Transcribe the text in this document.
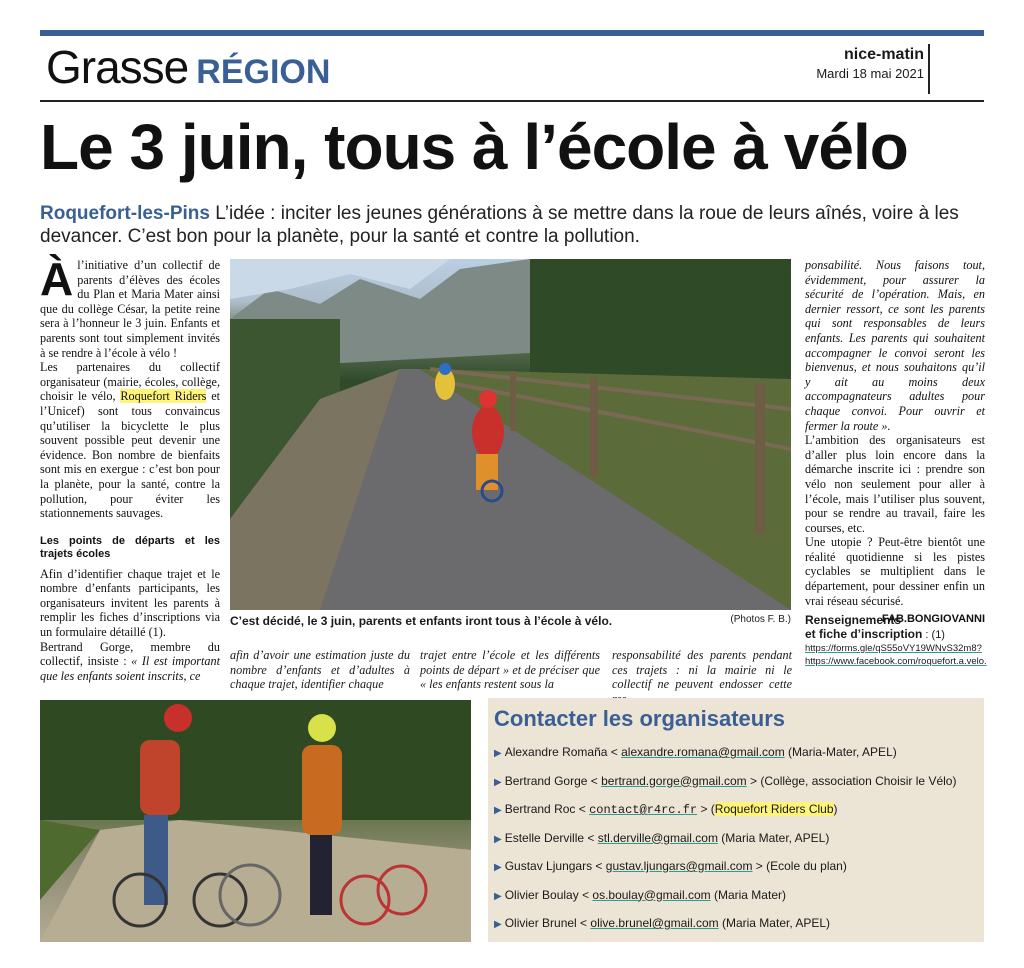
Grasse RÉGION	nice-matin
Mardi 18 mai 2021
Le 3 juin, tous à l’école à vélo
Roquefort-les-Pins L’idée : inciter les jeunes générations à se mettre dans la roue de leurs aînés, voire à les devancer. C’est bon pour la planète, pour la santé et contre la pollution.
À l’initiative d’un collectif de parents d’élèves des écoles du Plan et Maria Mater ainsi que du collège César, la petite reine sera à l’honneur le 3 juin. Enfants et parents sont tout simplement invités à se rendre à l’école à vélo !
Les partenaires du collectif organisateur (mairie, écoles, collège, choisir le vélo, Roquefort Riders et l’Unicef) sont tous convaincus qu’utiliser la bicyclette le plus souvent possible peut devenir une évidence. Bon nombre de bienfaits sont mis en exergue : c’est bon pour la planète, pour la santé, contre la pollution, pour éviter les stationnements sauvages.
Les points de départs et les trajets écoles
Afin d’identifier chaque trajet et le nombre d’enfants participants, les organisateurs invitent les parents à remplir les fiches d’inscriptions via un formulaire détaillé (1).
Bertrand Gorge, membre du collectif, insiste : « Il est important que les enfants soient inscrits, ce
C’est décidé, le 3 juin, parents et enfants iront tous à l’école à vélo.	(Photos F. B.)
afin d’avoir une estimation juste du nombre d’enfants et d’adultes à chaque trajet, identifier chaque
trajet entre l’école et les différents points de départ » et de préciser que « les enfants restent sous la
responsabilité des parents pendant ces trajets : ni la mairie ni le collectif ne peuvent endosser cette
ponsabilité. Nous faisons tout, évidemment, pour assurer la sécurité de l’opération. Mais, en dernier ressort, ce sont les parents qui sont responsables de leurs enfants. Les parents qui souhaitent accompagner le convoi seront les bienvenus, et nous souhaitons qu’il y ait au moins deux accompagnateurs adultes pour chaque convoi. Pour ouvrir et fermer la route ».
L’ambition des organisateurs est d’aller plus loin encore dans la démarche inscrite ici : prendre son vélo non seulement pour aller à l’école, mais l’utiliser plus souvent, pour se rendre au travail, faire les courses, etc.
Une utopie ? Peut-être bientôt une réalité quotidienne si les pistes cyclables se multiplient dans le département, pour dessiner enfin un vrai réseau sécurisé.
FAB.BONGIOVANNI
Renseignements
et fiche d’inscription : (1)
https://forms.gle/qS55oVY19WNvS32m8?
https://www.facebook.com/roquefort.a.velo.
Contacter les organisateurs
▶ Alexandre Romaña < alexandre.romana@gmail.com (Maria-Mater, APEL)
▶ Bertrand Gorge < bertrand.gorge@gmail.com > (Collège, association Choisir le Vélo)
▶ Bertrand Roc < contact@r4rc.fr > (Roquefort Riders Club)
▶ Estelle Derville < stl.derville@gmail.com (Maria Mater, APEL)
▶ Gustav Ljungars < gustav.ljungars@gmail.com > (Ecole du plan)
▶ Olivier Boulay < os.boulay@gmail.com (Maria Mater)
▶ Olivier Brunel < olive.brunel@gmail.com (Maria Mater, APEL)
